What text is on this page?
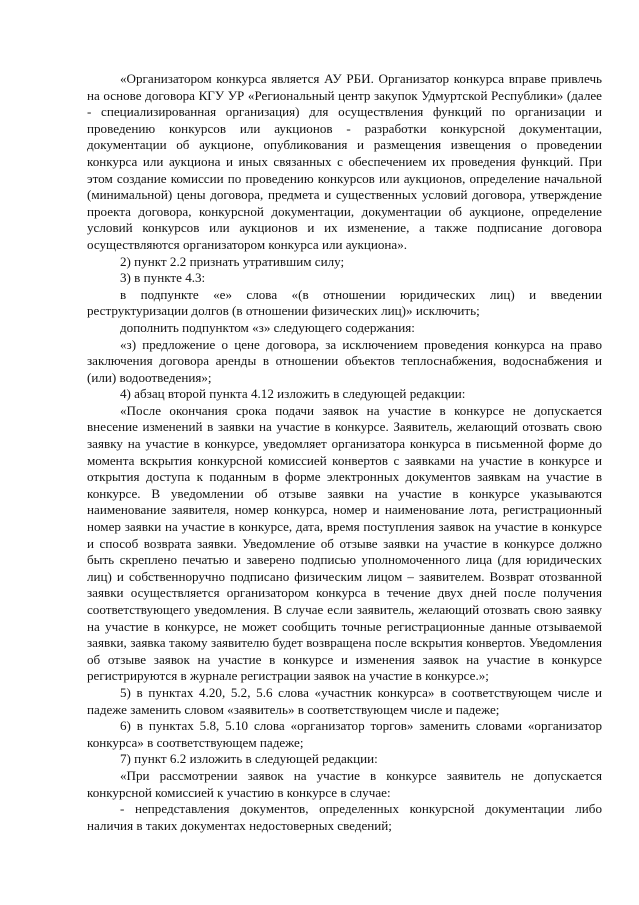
«Организатором конкурса является АУ РБИ. Организатор конкурса вправе привлечь на основе договора КГУ УР «Региональный центр закупок Удмуртской Республики» (далее - специализированная организация) для осуществления функций по организации и проведению конкурсов или аукционов - разработки конкурсной документации, документации об аукционе, опубликования и размещения извещения о проведении конкурса или аукциона и иных связанных с обеспечением их проведения функций. При этом создание комиссии по проведению конкурсов или аукционов, определение начальной (минимальной) цены договора, предмета и существенных условий договора, утверждение проекта договора, конкурсной документации, документации об аукционе, определение условий конкурсов или аукционов и их изменение, а также подписание договора осуществляются организатором конкурса или аукциона».

2) пункт 2.2 признать утратившим силу;

3) в пункте 4.3:

в подпункте «е» слова «(в отношении юридических лиц) и введении реструктуризации долгов (в отношении физических лиц)» исключить;

дополнить подпунктом «з» следующего содержания:

«з) предложение о цене договора, за исключением проведения конкурса на право заключения договора аренды в отношении объектов теплоснабжения, водоснабжения и (или) водоотведения»;

4) абзац второй пункта 4.12 изложить в следующей редакции:

«После окончания срока подачи заявок на участие в конкурсе не допускается внесение изменений в заявки на участие в конкурсе. Заявитель, желающий отозвать свою заявку на участие в конкурсе, уведомляет организатора конкурса в письменной форме до момента вскрытия конкурсной комиссией конвертов с заявками на участие в конкурсе и открытия доступа к поданным в форме электронных документов заявкам на участие в конкурсе. В уведомлении об отзыве заявки на участие в конкурсе указываются наименование заявителя, номер конкурса, номер и наименование лота, регистрационный номер заявки на участие в конкурсе, дата, время поступления заявок на участие в конкурсе и способ возврата заявки. Уведомление об отзыве заявки на участие в конкурсе должно быть скреплено печатью и заверено подписью уполномоченного лица (для юридических лиц) и собственноручно подписано физическим лицом – заявителем. Возврат отозванной заявки осуществляется организатором конкурса в течение двух дней после получения соответствующего уведомления. В случае если заявитель, желающий отозвать свою заявку на участие в конкурсе, не может сообщить точные регистрационные данные отзываемой заявки, заявка такому заявителю будет возвращена после вскрытия конвертов. Уведомления об отзыве заявок на участие в конкурсе и изменения заявок на участие в конкурсе регистрируются в журнале регистрации заявок на участие в конкурсе.»;

5) в пунктах 4.20, 5.2, 5.6 слова «участник конкурса» в соответствующем числе и падеже заменить словом «заявитель» в соответствующем числе и падеже;

6) в пунктах 5.8, 5.10 слова «организатор торгов» заменить словами «организатор конкурса» в соответствующем падеже;

7) пункт 6.2 изложить в следующей редакции:

«При рассмотрении заявок на участие в конкурсе заявитель не допускается конкурсной комиссией к участию в конкурсе в случае:

- непредставления документов, определенных конкурсной документации либо наличия в таких документах недостоверных сведений;
